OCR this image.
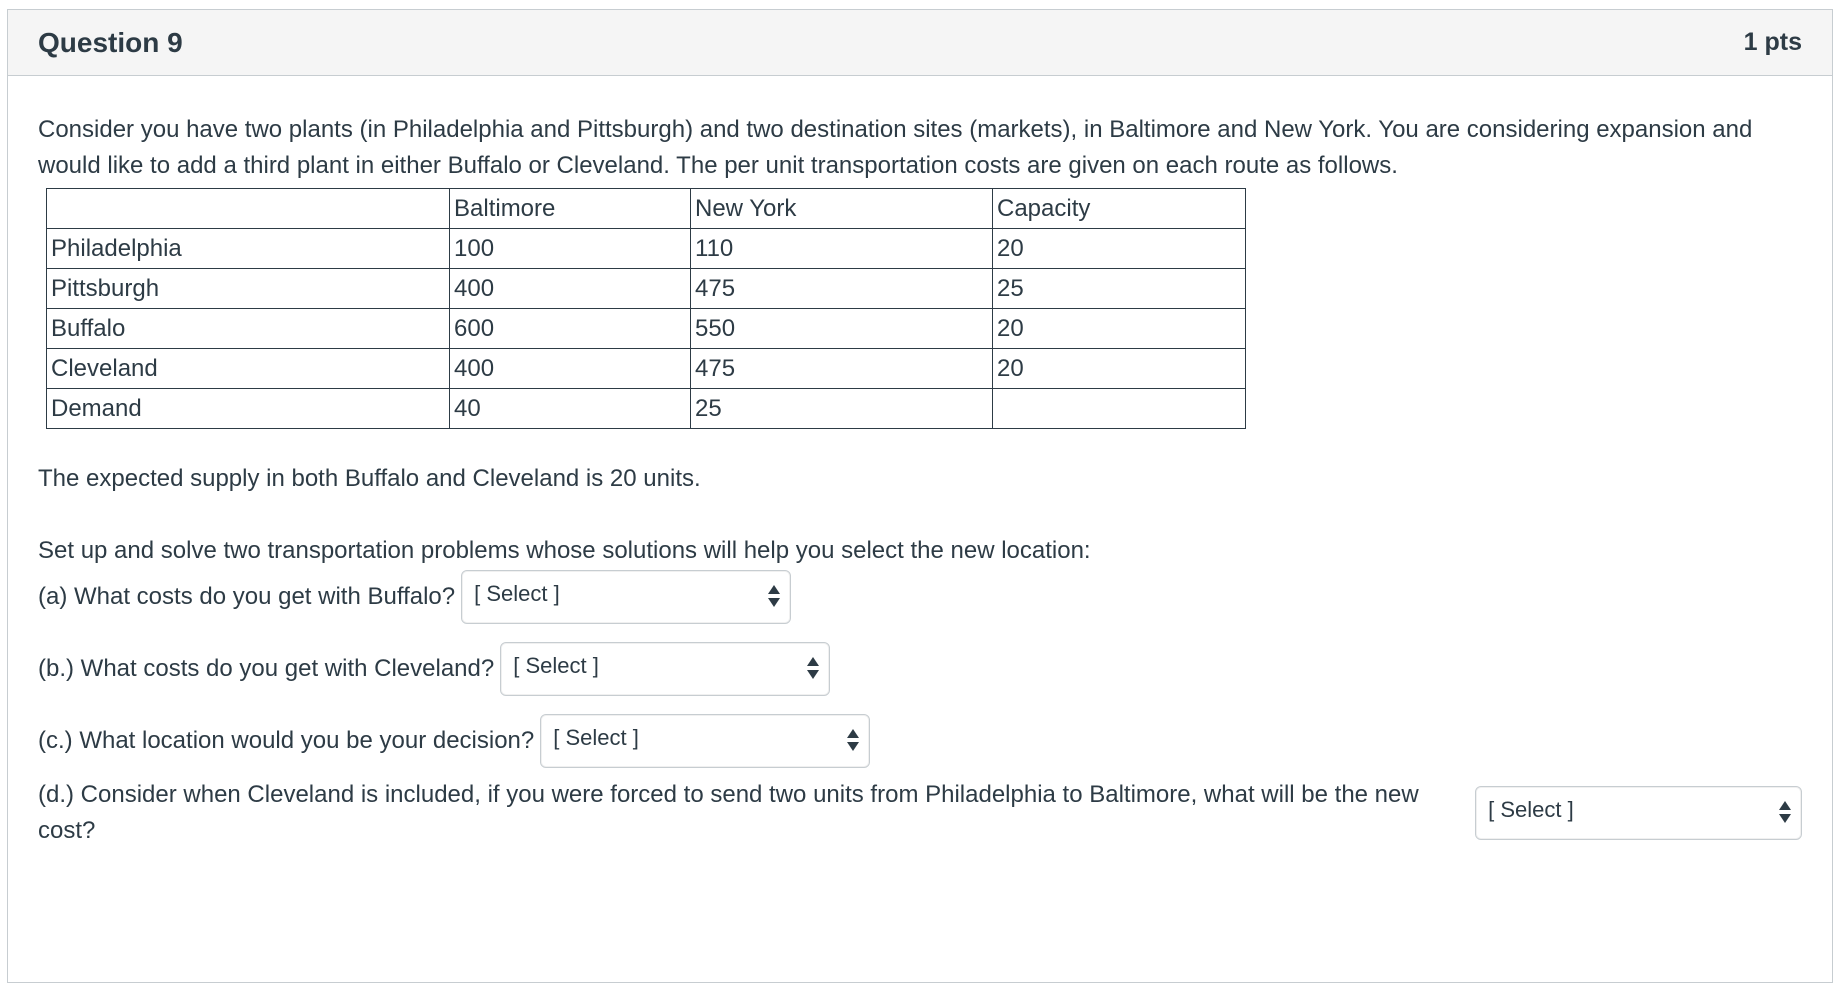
Question 9	1 pts

Consider you have two plants (in Philadelphia and Pittsburgh) and two destination sites (markets), in Baltimore and New York. You are considering expansion and would like to add a third plant in either Buffalo or Cleveland. The per unit transportation costs are given on each route as follows.

	Baltimore	New York	Capacity
Philadelphia	100	110	20
Pittsburgh	400	475	25
Buffalo	600	550	20
Cleveland	400	475	20
Demand	40	25	

The expected supply in both Buffalo and Cleveland is 20 units.

Set up and solve two transportation problems whose solutions will help you select the new location:

(a) What costs do you get with Buffalo? [ Select ]
(b.) What costs do you get with Cleveland? [ Select ]
(c.) What location would you be your decision? [ Select ]
(d.) Consider when Cleveland is included, if you were forced to send two units from Philadelphia to Baltimore, what will be the new cost?
[ Select ]
